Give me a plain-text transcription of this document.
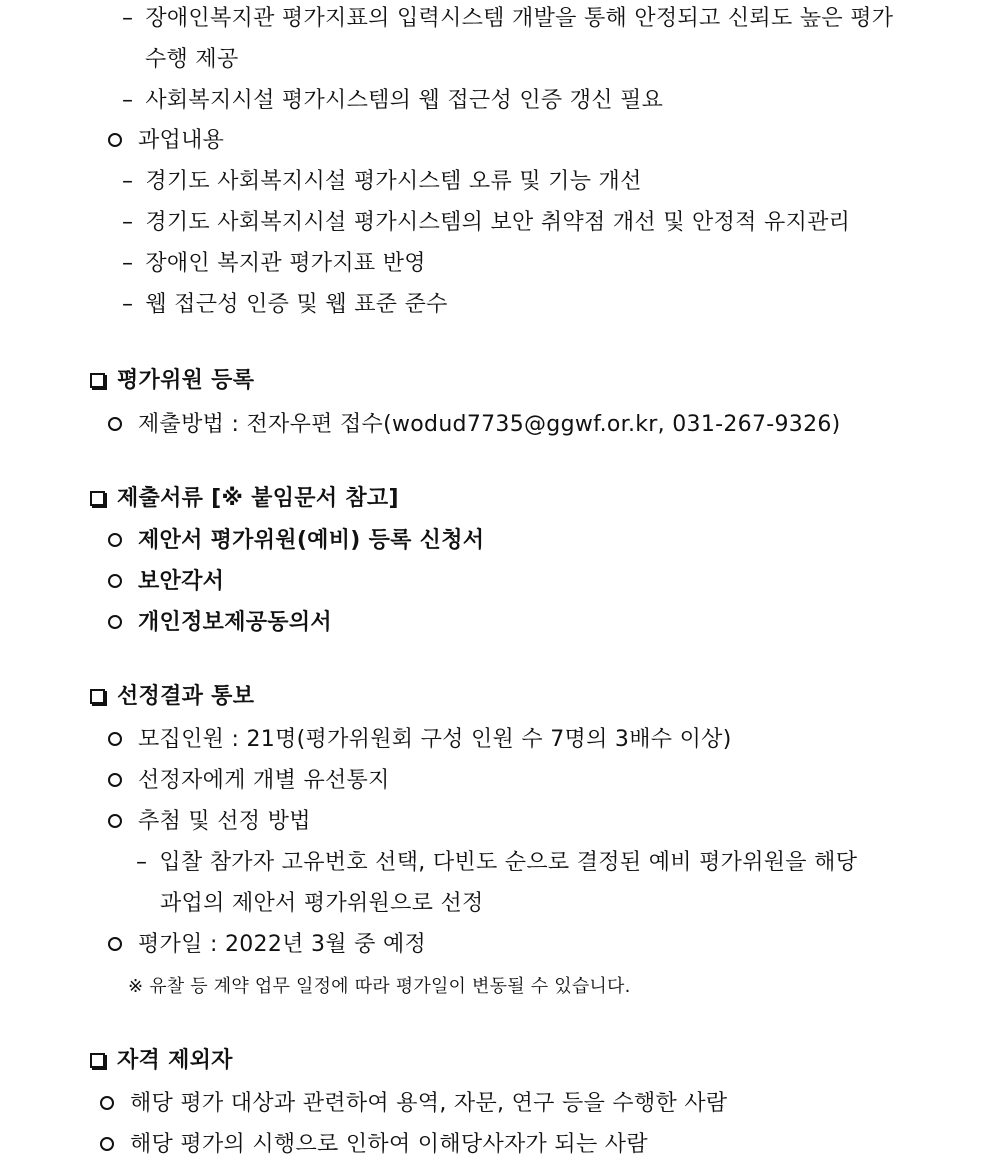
– 장애인복지관 평가지표의 입력시스템 개발을 통해 안정되고 신뢰도 높은 평가
수행 제공
– 사회복지시설 평가시스템의 웹 접근성 인증 갱신 필요
과업내용
– 경기도 사회복지시설 평가시스템 오류 및 기능 개선
– 경기도 사회복지시설 평가시스템의 보안 취약점 개선 및 안정적 유지관리
– 장애인 복지관 평가지표 반영
– 웹 접근성 인증 및 웹 표준 준수
평가위원 등록
제출방법 : 전자우편 접수(wodud7735@ggwf.or.kr, 031-267-9326)
제출서류 [※ 붙임문서 참고]
제안서 평가위원(예비) 등록 신청서
보안각서
개인정보제공동의서
선정결과 통보
모집인원 : 21명(평가위원회 구성 인원 수 7명의 3배수 이상)
선정자에게 개별 유선통지
추첨 및 선정 방법
– 입찰 참가자 고유번호 선택, 다빈도 순으로 결정된 예비 평가위원을 해당
과업의 제안서 평가위원으로 선정
평가일 : 2022년 3월 중 예정
※ 유찰 등 계약 업무 일정에 따라 평가일이 변동될 수 있습니다.
자격 제외자
해당 평가 대상과 관련하여 용역, 자문, 연구 등을 수행한 사람
해당 평가의 시행으로 인하여 이해당사자가 되는 사람
